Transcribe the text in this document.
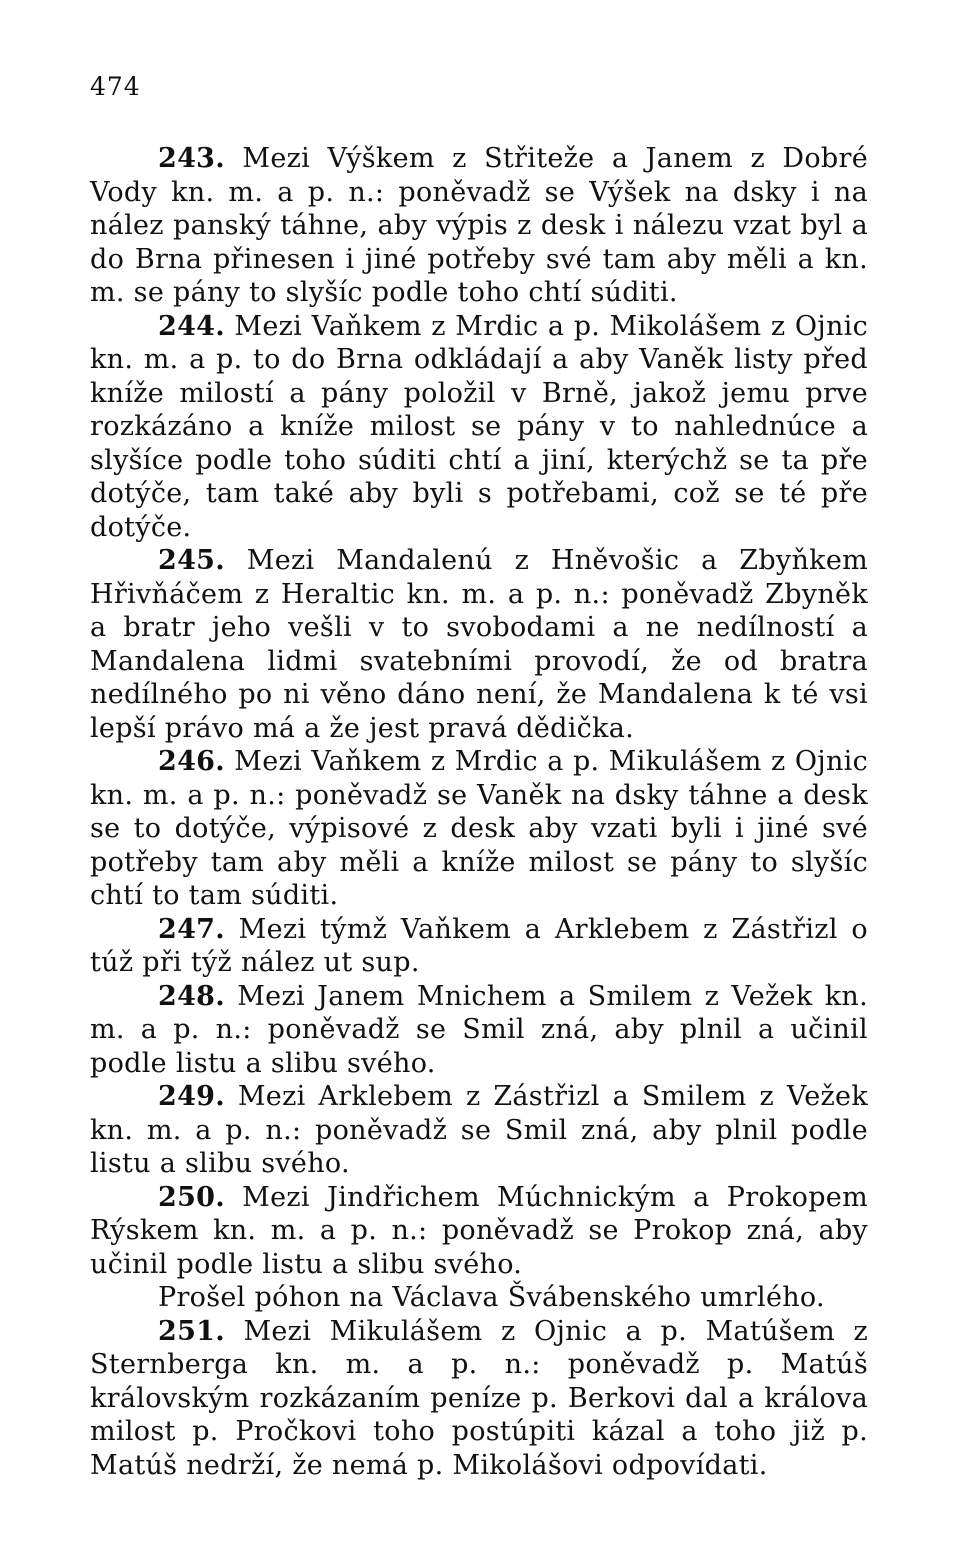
474

243. Mezi Výškem z Střiteže a Janem z Dobré Vody kn. m. a p. n.: poněvadž se Výšek na dsky i na nález panský táhne, aby výpis z desk i nálezu vzat byl a do Brna přinesen i jiné potřeby své tam aby měli a kn. m. se pány to slyšíc podle toho chtí súditi.

244. Mezi Vaňkem z Mrdic a p. Mikolášem z Ojnic kn. m. a p. to do Brna odkládají a aby Vaněk listy před kníže milostí a pány položil v Brně, jakož jemu prve rozkázáno a kníže milost se pány v to nahlednúce a slyšíce podle toho súditi chtí a jiní, kterýchž se ta pře dotýče, tam také aby byli s potřebami, což se té pře dotýče.

245. Mezi Mandalenú z Hněvošic a Zbyňkem Hřivňáčem z Heraltic kn. m. a p. n.: poněvadž Zbyněk a bratr jeho vešli v to svobodami a ne nedílností a Mandalena lidmi svatebními provodí, že od bratra nedílného po ni věno dáno není, že Mandalena k té vsi lepší právo má a že jest pravá dědička.

246. Mezi Vaňkem z Mrdic a p. Mikulášem z Ojnic kn. m. a p. n.: poněvadž se Vaněk na dsky táhne a desk se to dotýče, výpisové z desk aby vzati byli i jiné své potřeby tam aby měli a kníže milost se pány to slyšíc chtí to tam súditi.

247. Mezi týmž Vaňkem a Arklebem z Zástřizl o túž při týž nález ut sup.

248. Mezi Janem Mnichem a Smilem z Vežek kn. m. a p. n.: poněvadž se Smil zná, aby plnil a učinil podle listu a slibu svého.

249. Mezi Arklebem z Zástřizl a Smilem z Vežek kn. m. a p. n.: poněvadž se Smil zná, aby plnil podle listu a slibu svého.

250. Mezi Jindřichem Múchnickým a Prokopem Rýskem kn. m. a p. n.: poněvadž se Prokop zná, aby učinil podle listu a slibu svého.

Prošel póhon na Václava Švábenského umrlého.

251. Mezi Mikulášem z Ojnic a p. Matúšem z Sternberga kn. m. a p. n.: poněvadž p. Matúš královským rozkázaním peníze p. Berkovi dal a králova milost p. Pročkovi toho postúpiti kázal a toho již p. Matúš nedrží, že nemá p. Mikolášovi odpovídati.
